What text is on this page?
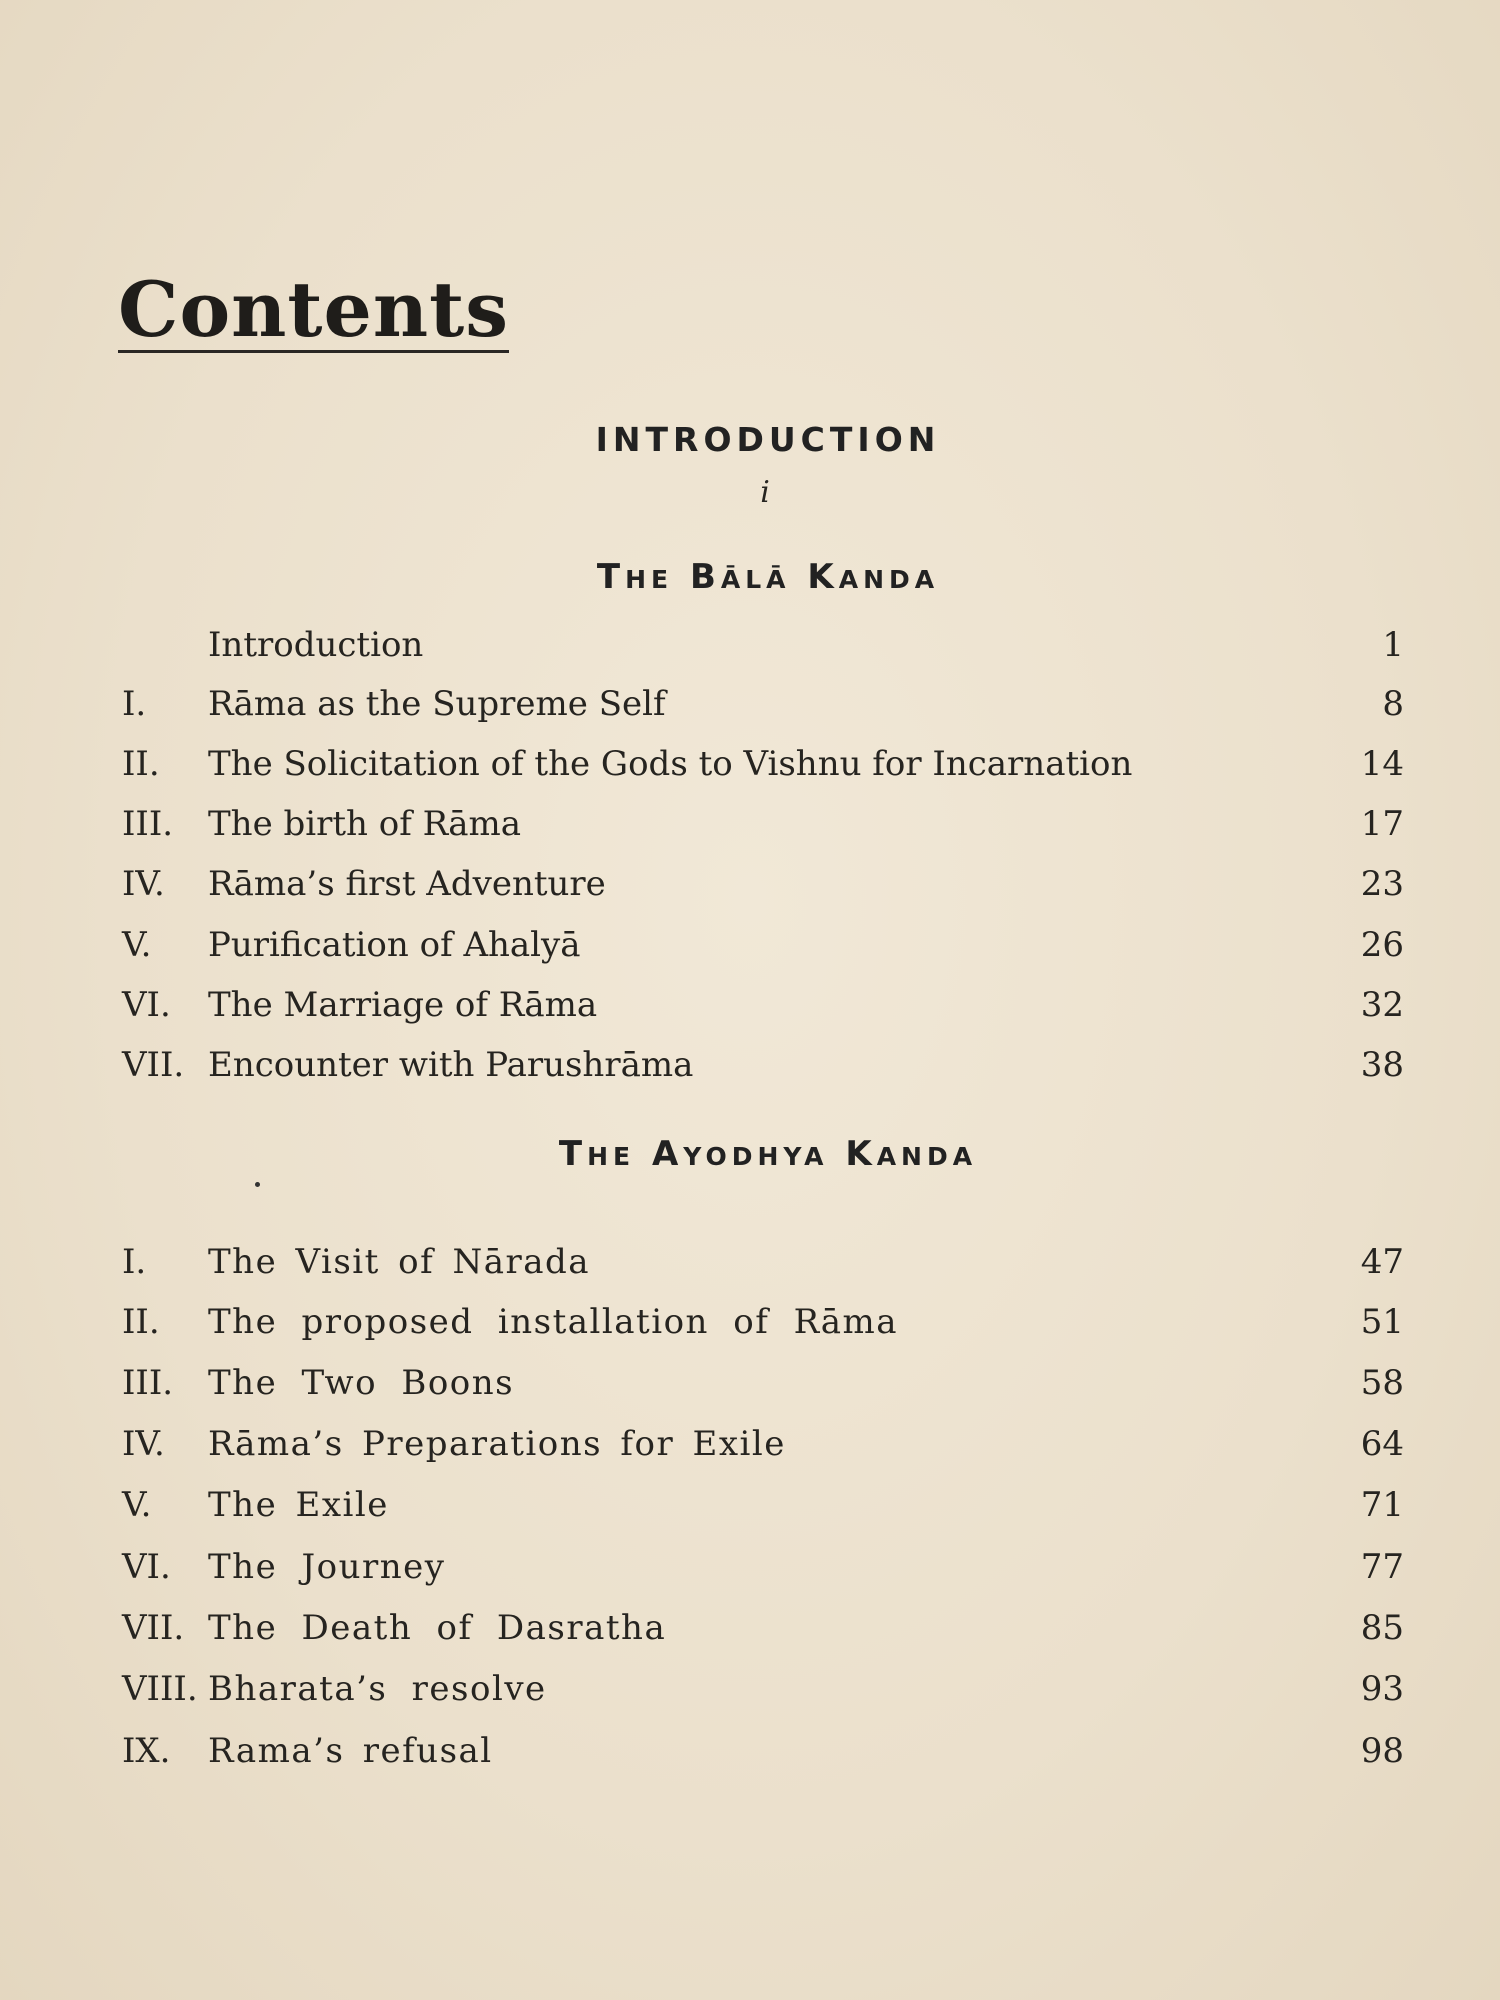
Contents
INTRODUCTION
i
THE BĀLĀ KANDA
Introduction	1
I. Rāma as the Supreme Self	8
II. The Solicitation of the Gods to Vishnu for Incarnation	14
III. The birth of Rāma	17
IV. Rāma’s first Adventure	23
V. Purification of Ahalyā	26
VI. The Marriage of Rāma	32
VII. Encounter with Parushrāma	38
THE AYODHYA KANDA
I. The Visit of Nārada	47
II. The proposed installation of Rāma	51
III. The Two Boons	58
IV. Rāma’s Preparations for Exile	64
V. The Exile	71
VI. The Journey	77
VII. The Death of Dasratha	85
VIII. Bharata’s resolve	93
IX. Rama’s refusal	98
